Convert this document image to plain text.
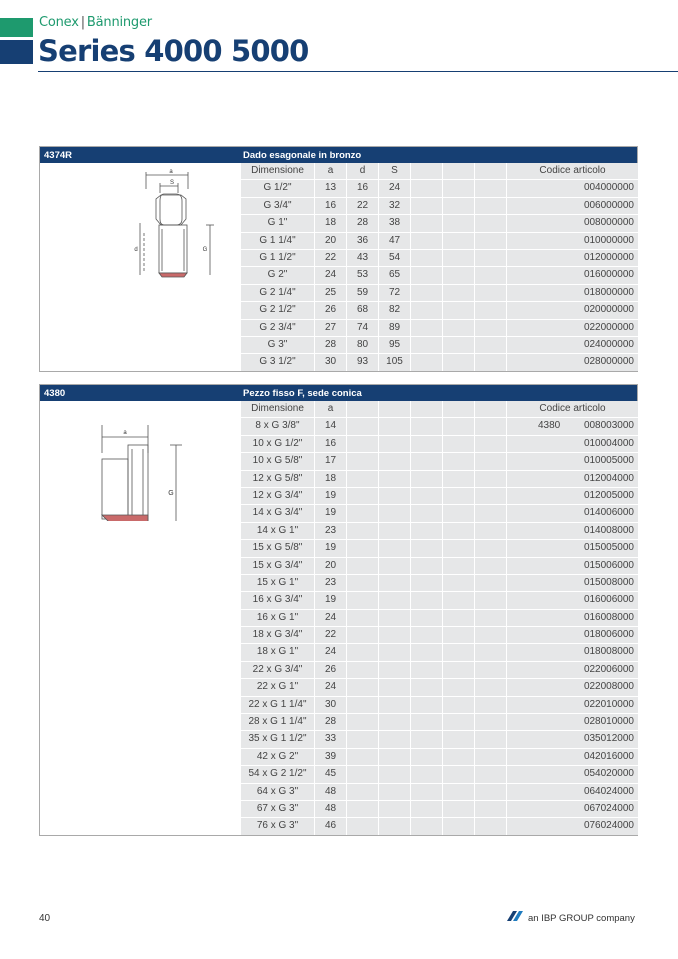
Conex | Bänninger
Series 4000 5000
4374R	Dado esagonale in bronzo
a
S
d	G
Dimensione	a	d	S	Codice articolo
G 1/2"	13	16	24	004000000
G 3/4"	16	22	32	006000000
G 1"	18	28	38	008000000
G 1 1/4"	20	36	47	010000000
G 1 1/2"	22	43	54	012000000
G 2"	24	53	65	016000000
G 2 1/4"	25	59	72	018000000
G 2 1/2"	26	68	82	020000000
G 2 3/4"	27	74	89	022000000
G 3"	28	80	95	024000000
G 3 1/2"	30	93	105	028000000
4380	Pezzo fisso F, sede conica
a
G
Dimensione	a	Codice articolo
8 x G 3/8"	14	4380 008003000
10 x G 1/2"	16	010004000
10 x G 5/8"	17	010005000
12 x G 5/8"	18	012004000
12 x G 3/4"	19	012005000
14 x G 3/4"	19	014006000
14 x G 1"	23	014008000
15 x G 5/8"	19	015005000
15 x G 3/4"	20	015006000
15 x G 1"	23	015008000
16 x G 3/4"	19	016006000
16 x G 1"	24	016008000
18 x G 3/4"	22	018006000
18 x G 1"	24	018008000
22 x G 3/4"	26	022006000
22 x G 1"	24	022008000
22 x G 1 1/4"	30	022010000
28 x G 1 1/4"	28	028010000
35 x G 1 1/2"	33	035012000
42 x G 2"	39	042016000
54 x G 2 1/2"	45	054020000
64 x G 3"	48	064024000
67 x G 3"	48	067024000
76 x G 3"	46	076024000
40	an IBP GROUP company
